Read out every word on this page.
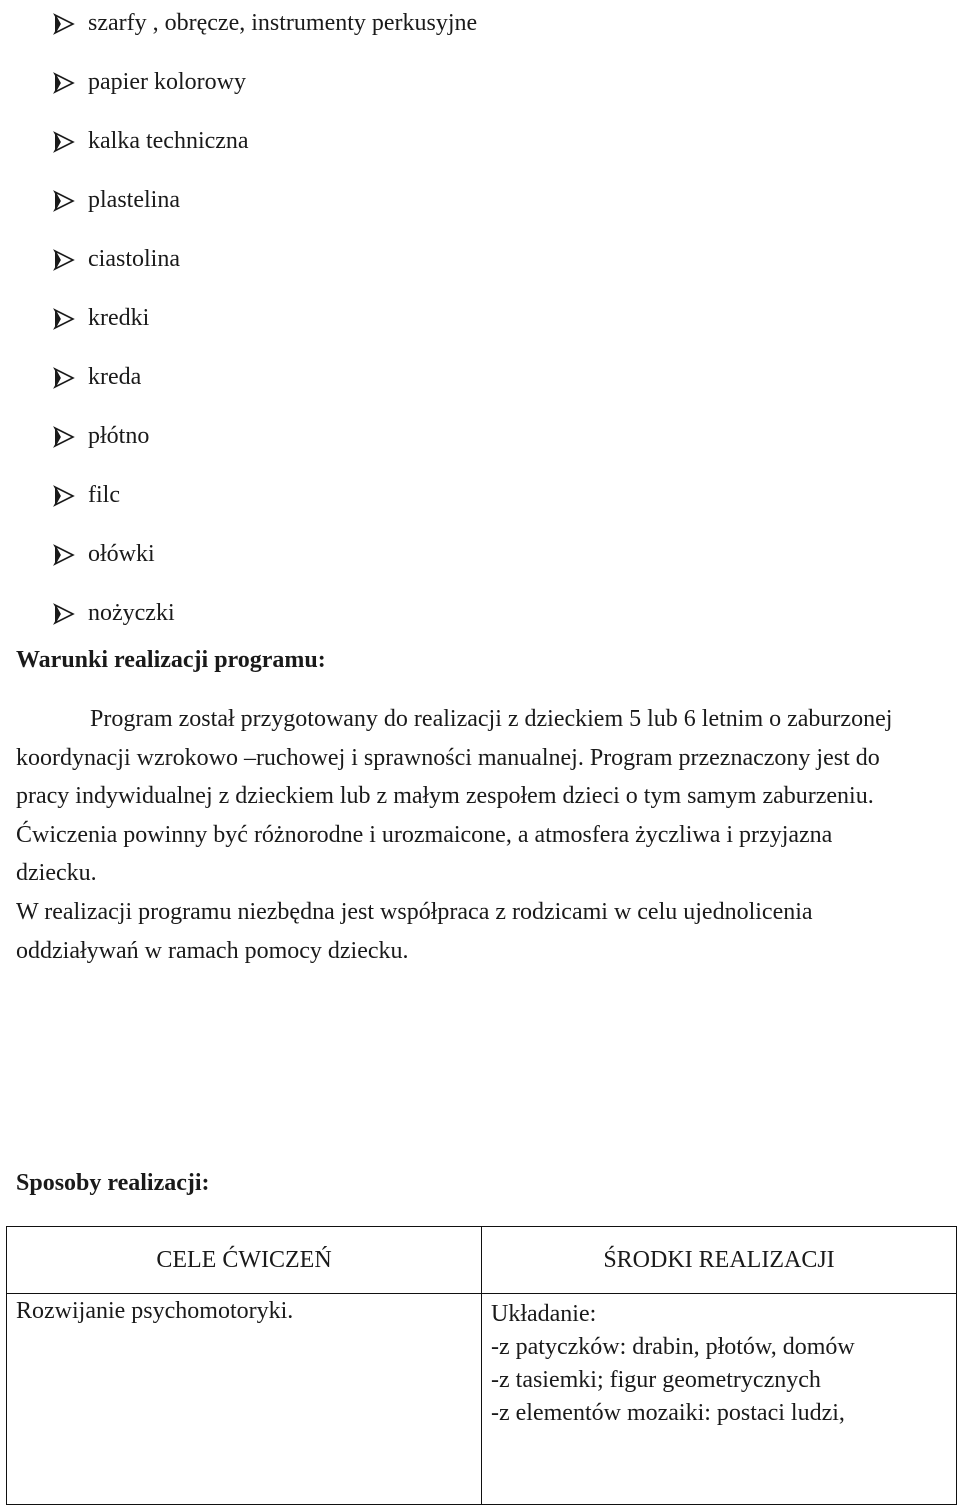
szarfy , obręcze, instrumenty perkusyjne
papier kolorowy
kalka techniczna
plastelina
ciastolina
kredki
kreda
płótno
filc
ołówki
nożyczki
Warunki realizacji programu:

Program został przygotowany do realizacji z dzieckiem 5 lub 6 letnim o zaburzonej koordynacji wzrokowo –ruchowej i sprawności manualnej. Program przeznaczony jest do pracy indywidualnej z dzieckiem lub z małym zespołem dzieci o tym samym zaburzeniu. Ćwiczenia powinny być różnorodne i urozmaicone, a atmosfera życzliwa i przyjazna dziecku.

W realizacji programu niezbędna jest współpraca z rodzicami w celu ujednolicenia oddziaływań w ramach pomocy dziecku.

Sposoby realizacji:
CELE ĆWICZEŃ	ŚRODKI REALIZACJI

Rozwijanie psychomotoryki.	Układanie:
-z patyczków: drabin, płotów, domów
-z tasiemki; figur geometrycznych
-z elementów mozaiki: postaci ludzi,
